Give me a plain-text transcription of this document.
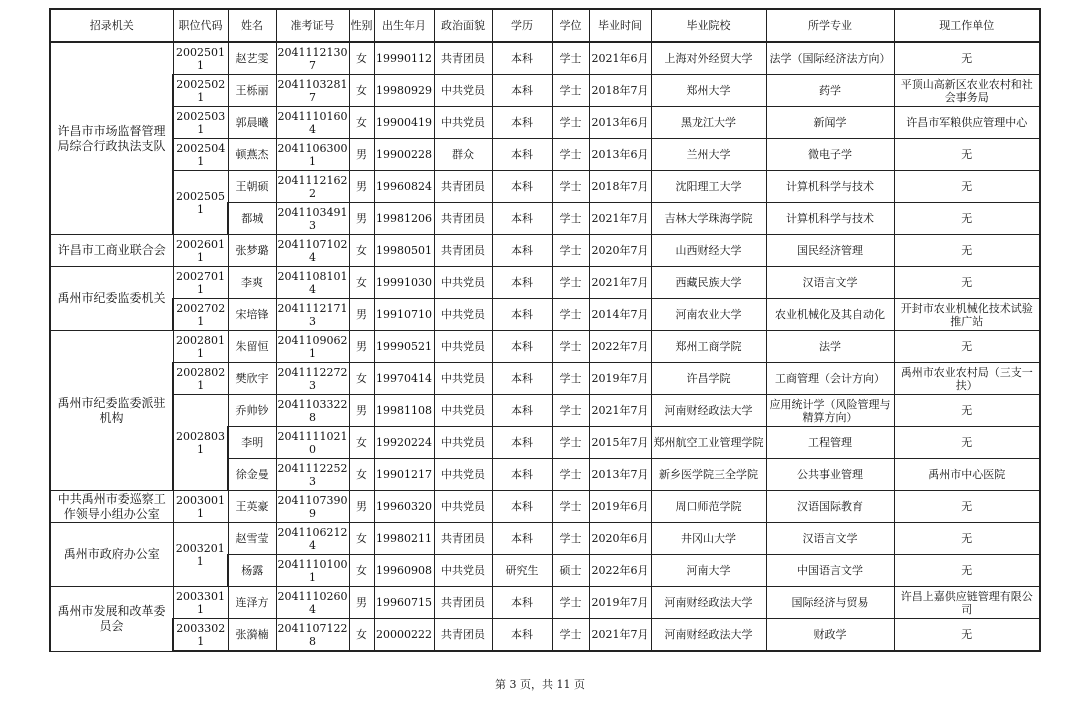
招录机关	职位代码	姓名	准考证号	性别	出生年月	政治面貌	学历	学位	毕业时间	毕业院校	所学专业	现工作单位
许昌市市场监督管理局综合行政执法支队	20025011	赵艺雯	20411121307	女	19990112	共青团员	本科	学士	2021年6月	上海对外经贸大学	法学（国际经济法方向）	无
	20025021	王栎丽	20411032817	女	19980929	中共党员	本科	学士	2018年7月	郑州大学	药学	平顶山高新区农业农村和社会事务局
	20025031	郭晨曦	20411101604	女	19900419	中共党员	本科	学士	2013年6月	黑龙江大学	新闻学	许昌市军粮供应管理中心
	20025041	顿燕杰	20411063001	男	19900228	群众	本科	学士	2013年6月	兰州大学	微电子学	无
	20025051	王朝硕	20411121622	男	19960824	共青团员	本科	学士	2018年7月	沈阳理工大学	计算机科学与技术	无
		都城	20411034913	男	19981206	共青团员	本科	学士	2021年7月	吉林大学珠海学院	计算机科学与技术	无
许昌市工商业联合会	20026011	张梦璐	20411071024	女	19980501	共青团员	本科	学士	2020年7月	山西财经大学	国民经济管理	无
禹州市纪委监委机关	20027011	李爽	20411081014	女	19991030	中共党员	本科	学士	2021年7月	西藏民族大学	汉语言文学	无
	20027021	宋培锋	20411121713	男	19910710	中共党员	本科	学士	2014年7月	河南农业大学	农业机械化及其自动化	开封市农业机械化技术试验推广站
禹州市纪委监委派驻机构	20028011	朱留恒	20411090621	男	19990521	中共党员	本科	学士	2022年7月	郑州工商学院	法学	无
	20028021	樊欣宇	20411122723	女	19970414	中共党员	本科	学士	2019年7月	许昌学院	工商管理（会计方向）	禹州市农业农村局（三支一扶）
	20028031	乔帅钞	20411033228	男	19981108	中共党员	本科	学士	2021年7月	河南财经政法大学	应用统计学（风险管理与精算方向）	无
		李明	20411110210	女	19920224	中共党员	本科	学士	2015年7月	郑州航空工业管理学院	工程管理	无
		徐金曼	20411122523	女	19901217	中共党员	本科	学士	2013年7月	新乡医学院三全学院	公共事业管理	禹州市中心医院
中共禹州市委巡察工作领导小组办公室	20030011	王英豪	20411073909	男	19960320	中共党员	本科	学士	2019年6月	周口师范学院	汉语国际教育	无
禹州市政府办公室	20032011	赵雪莹	20411062124	女	19980211	共青团员	本科	学士	2020年6月	井冈山大学	汉语言文学	无
		杨露	20411101001	女	19960908	中共党员	研究生	硕士	2022年6月	河南大学	中国语言文学	无
禹州市发展和改革委员会	20033011	连泽方	20411102604	男	19960715	共青团员	本科	学士	2019年7月	河南财经政法大学	国际经济与贸易	许昌上嘉供应链管理有限公司
	20033021	张漪楠	20411071228	女	20000222	共青团员	本科	学士	2021年7月	河南财经政法大学	财政学	无
第 3 页，共 11 页
